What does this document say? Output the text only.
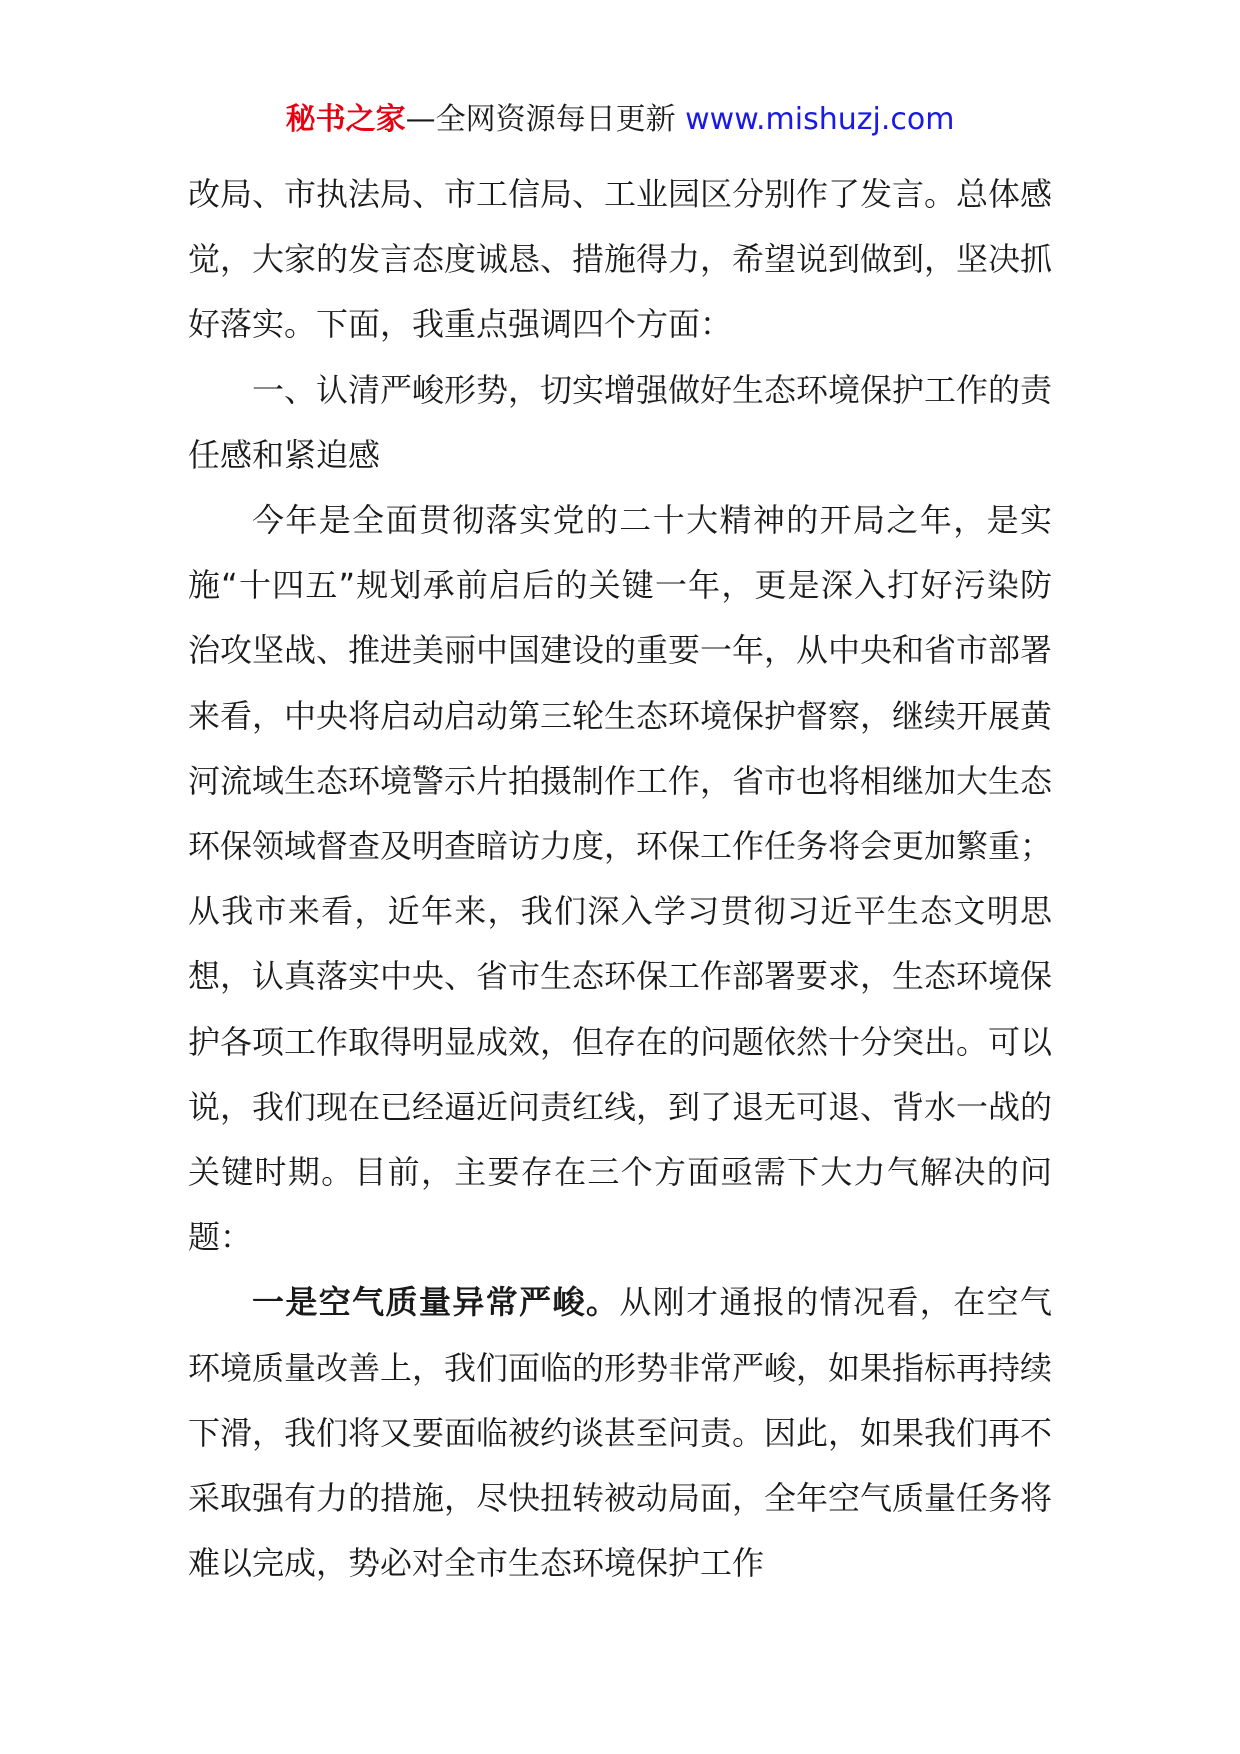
秘书之家—全网资源每日更新 www.mishuzj.com

改局、市执法局、市工信局、工业园区分别作了发言。总体感觉，大家的发言态度诚恳、措施得力，希望说到做到，坚决抓好落实。下面，我重点强调四个方面：

一、认清严峻形势，切实增强做好生态环境保护工作的责任感和紧迫感

今年是全面贯彻落实党的二十大精神的开局之年，是实施“十四五”规划承前启后的关键一年，更是深入打好污染防治攻坚战、推进美丽中国建设的重要一年，从中央和省市部署来看，中央将启动启动第三轮生态环境保护督察，继续开展黄河流域生态环境警示片拍摄制作工作，省市也将相继加大生态环保领域督查及明查暗访力度，环保工作任务将会更加繁重；从我市来看，近年来，我们深入学习贯彻习近平生态文明思想，认真落实中央、省市生态环保工作部署要求，生态环境保护各项工作取得明显成效，但存在的问题依然十分突出。可以说，我们现在已经逼近问责红线，到了退无可退、背水一战的关键时期。目前，主要存在三个方面亟需下大力气解决的问题：

一是空气质量异常严峻。从刚才通报的情况看，在空气环境质量改善上，我们面临的形势非常严峻，如果指标再持续下滑，我们将又要面临被约谈甚至问责。因此，如果我们再不采取强有力的措施，尽快扭转被动局面，全年空气质量任务将难以完成，势必对全市生态环境保护工作
